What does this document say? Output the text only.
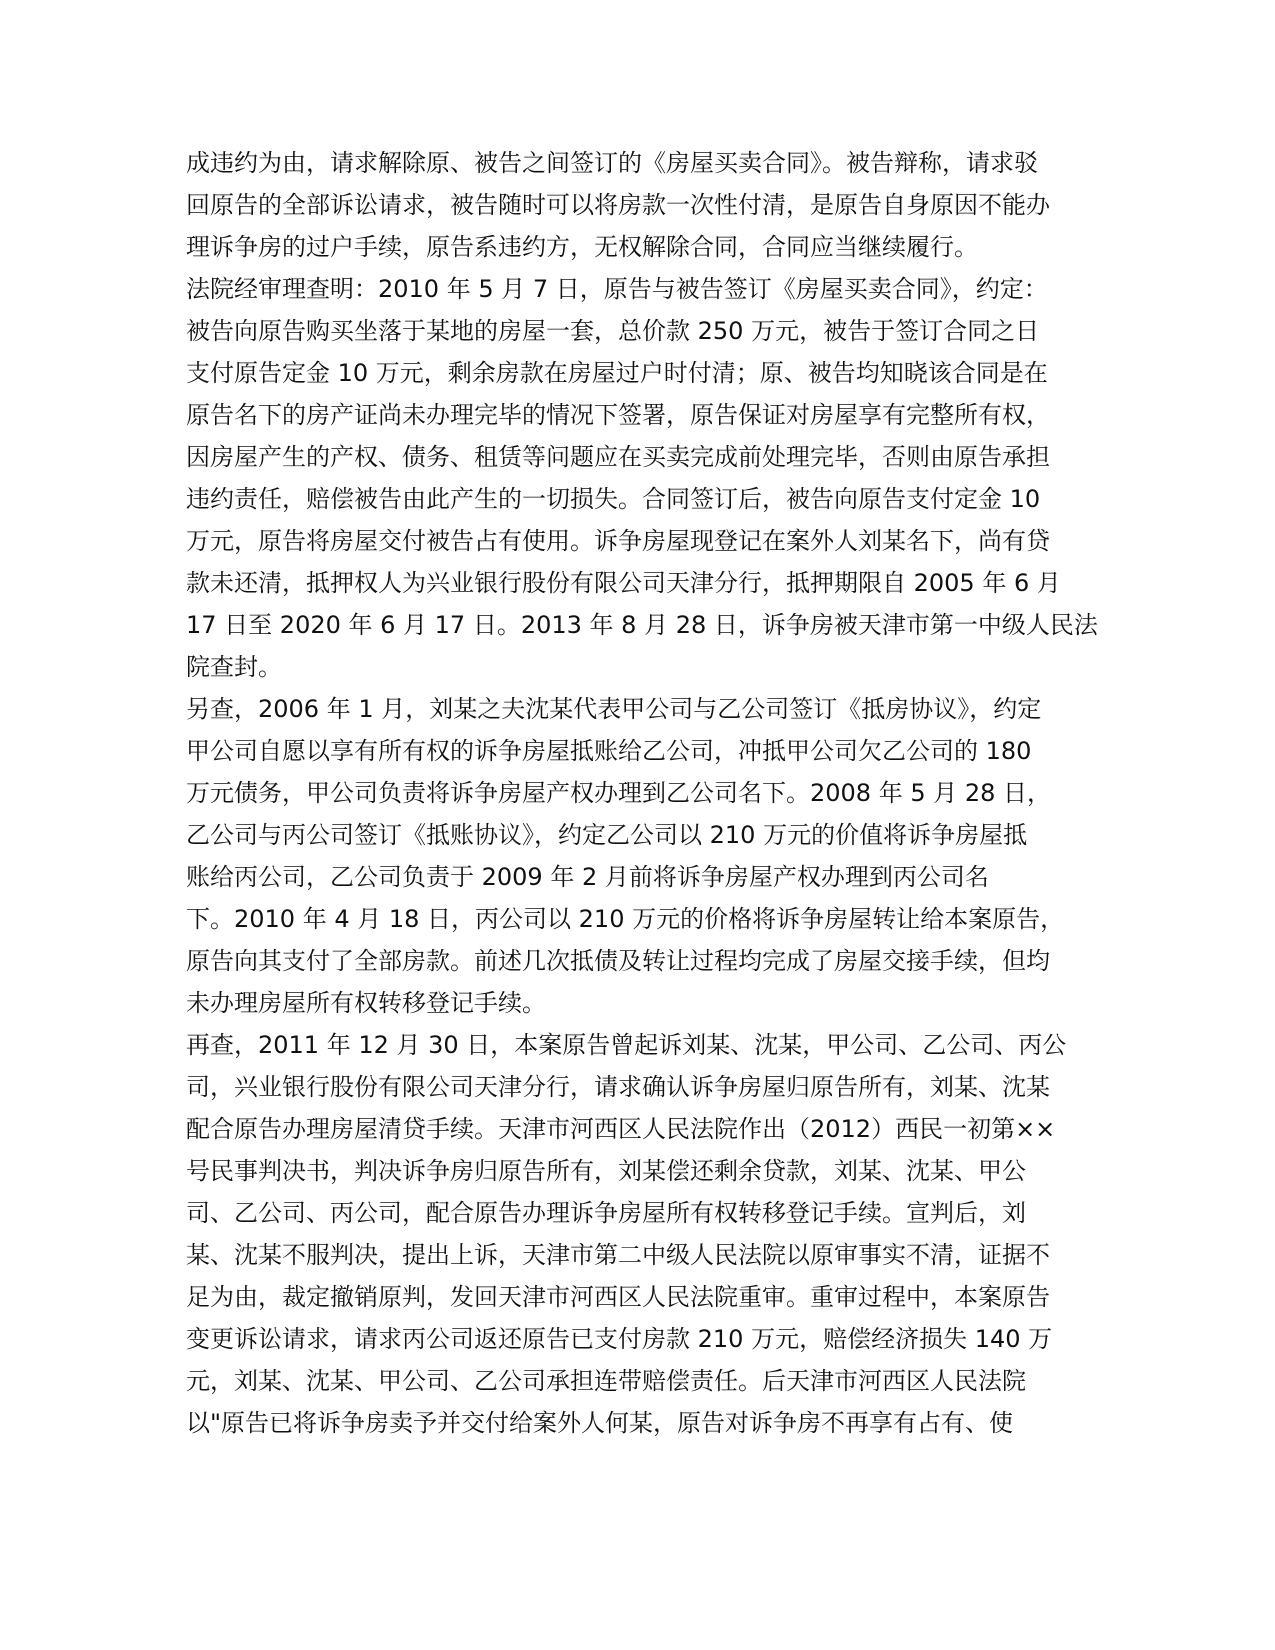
成违约为由，请求解除原、被告之间签订的《房屋买卖合同》。被告辩称，请求驳
回原告的全部诉讼请求，被告随时可以将房款一次性付清，是原告自身原因不能办
理诉争房的过户手续，原告系违约方，无权解除合同，合同应当继续履行。
法院经审理查明：2010 年 5 月 7 日，原告与被告签订《房屋买卖合同》，约定：
被告向原告购买坐落于某地的房屋一套，总价款 250 万元，被告于签订合同之日
支付原告定金 10 万元，剩余房款在房屋过户时付清；原、被告均知晓该合同是在
原告名下的房产证尚未办理完毕的情况下签署，原告保证对房屋享有完整所有权，
因房屋产生的产权、债务、租赁等问题应在买卖完成前处理完毕，否则由原告承担
违约责任，赔偿被告由此产生的一切损失。合同签订后，被告向原告支付定金 10
万元，原告将房屋交付被告占有使用。诉争房屋现登记在案外人刘某名下，尚有贷
款未还清，抵押权人为兴业银行股份有限公司天津分行，抵押期限自 2005 年 6 月
17 日至 2020 年 6 月 17 日。2013 年 8 月 28 日，诉争房被天津市第一中级人民法
院查封。
另查，2006 年 1 月，刘某之夫沈某代表甲公司与乙公司签订《抵房协议》，约定
甲公司自愿以享有所有权的诉争房屋抵账给乙公司，冲抵甲公司欠乙公司的 180
万元债务，甲公司负责将诉争房屋产权办理到乙公司名下。2008 年 5 月 28 日，
乙公司与丙公司签订《抵账协议》，约定乙公司以 210 万元的价值将诉争房屋抵
账给丙公司，乙公司负责于 2009 年 2 月前将诉争房屋产权办理到丙公司名
下。2010 年 4 月 18 日，丙公司以 210 万元的价格将诉争房屋转让给本案原告，
原告向其支付了全部房款。前述几次抵债及转让过程均完成了房屋交接手续，但均
未办理房屋所有权转移登记手续。
再查，2011 年 12 月 30 日，本案原告曾起诉刘某、沈某，甲公司、乙公司、丙公
司，兴业银行股份有限公司天津分行，请求确认诉争房屋归原告所有，刘某、沈某
配合原告办理房屋清贷手续。天津市河西区人民法院作出（2012）西民一初第××
号民事判决书，判决诉争房归原告所有，刘某偿还剩余贷款，刘某、沈某、甲公
司、乙公司、丙公司，配合原告办理诉争房屋所有权转移登记手续。宣判后，刘
某、沈某不服判决，提出上诉，天津市第二中级人民法院以原审事实不清，证据不
足为由，裁定撤销原判，发回天津市河西区人民法院重审。重审过程中，本案原告
变更诉讼请求，请求丙公司返还原告已支付房款 210 万元，赔偿经济损失 140 万
元，刘某、沈某、甲公司、乙公司承担连带赔偿责任。后天津市河西区人民法院
以"原告已将诉争房卖予并交付给案外人何某，原告对诉争房不再享有占有、使
